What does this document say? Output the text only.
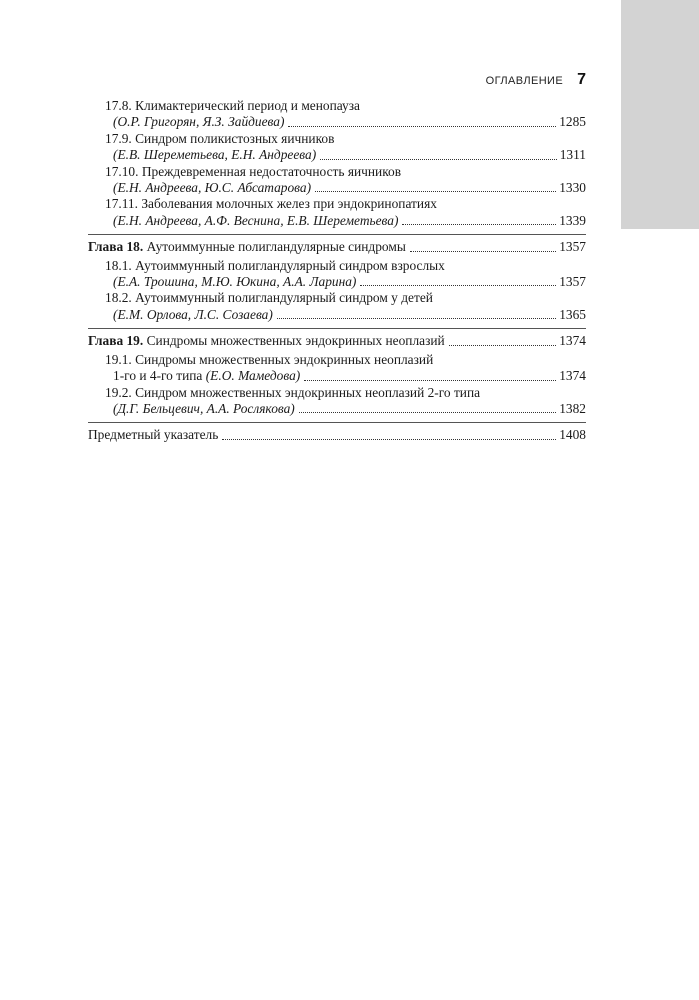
ОГЛАВЛЕНИЕ 7
17.8. Климактерический период и менопауза
(О.Р. Григорян, Я.З. Зайдиева)	1285
17.9. Синдром поликистозных яичников
(Е.В. Шереметьева, Е.Н. Андреева)	1311
17.10. Преждевременная недостаточность яичников
(Е.Н. Андреева, Ю.С. Абсатарова)	1330
17.11. Заболевания молочных желез при эндокринопатиях
(Е.Н. Андреева, А.Ф. Веснина, Е.В. Шереметьева)	1339
Глава 18. Аутоиммунные полигландулярные синдромы	1357
18.1. Аутоиммунный полигландулярный синдром взрослых
(Е.А. Трошина, М.Ю. Юкина, А.А. Ларина)	1357
18.2. Аутоиммунный полигландулярный синдром у детей
(Е.М. Орлова, Л.С. Созаева)	1365
Глава 19. Синдромы множественных эндокринных неоплазий	1374
19.1. Синдромы множественных эндокринных неоплазий
1-го и 4-го типа (Е.О. Мамедова)	1374
19.2. Синдром множественных эндокринных неоплазий 2-го типа
(Д.Г. Бельцевич, А.А. Рослякова)	1382
Предметный указатель	1408
